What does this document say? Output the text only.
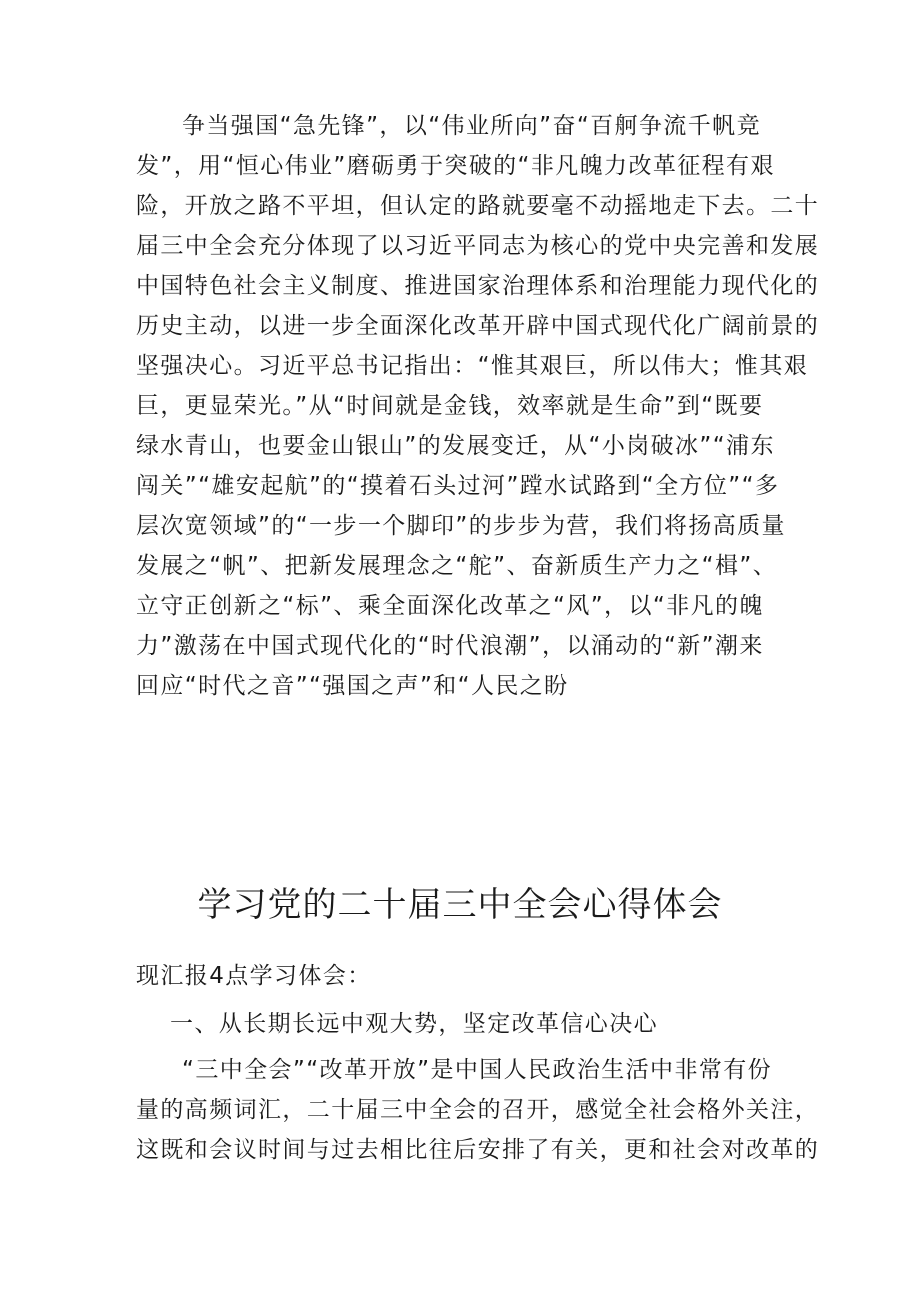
争当强国“急先锋”，以“伟业所向”奋“百舸争流千帆竞
发”，用“恒心伟业”磨砺勇于突破的“非凡魄力改革征程有艰
险，开放之路不平坦，但认定的路就要毫不动摇地走下去。二十
届三中全会充分体现了以习近平同志为核心的党中央完善和发展
中国特色社会主义制度、推进国家治理体系和治理能力现代化的
历史主动，以进一步全面深化改革开辟中国式现代化广阔前景的
坚强决心。习近平总书记指出：“惟其艰巨，所以伟大；惟其艰
巨，更显荣光。”从“时间就是金钱，效率就是生命”到“既要
绿水青山，也要金山银山”的发展变迁，从“小岗破冰”“浦东
闯关”“雄安起航”的“摸着石头过河”蹚水试路到“全方位”“多
层次宽领域”的“一步一个脚印”的步步为营，我们将扬高质量
发展之“帆”、把新发展理念之“舵”、奋新质生产力之“楫”、
立守正创新之“标”、乘全面深化改革之“风”，以“非凡的魄
力”激荡在中国式现代化的“时代浪潮”，以涌动的“新”潮来
回应“时代之音”“强国之声”和“人民之盼
学习党的二十届三中全会心得体会
现汇报4点学习体会：
一、从长期长远中观大势，坚定改革信心决心
“三中全会”“改革开放”是中国人民政治生活中非常有份
量的高频词汇，二十届三中全会的召开，感觉全社会格外关注，
这既和会议时间与过去相比往后安排了有关，更和社会对改革的
